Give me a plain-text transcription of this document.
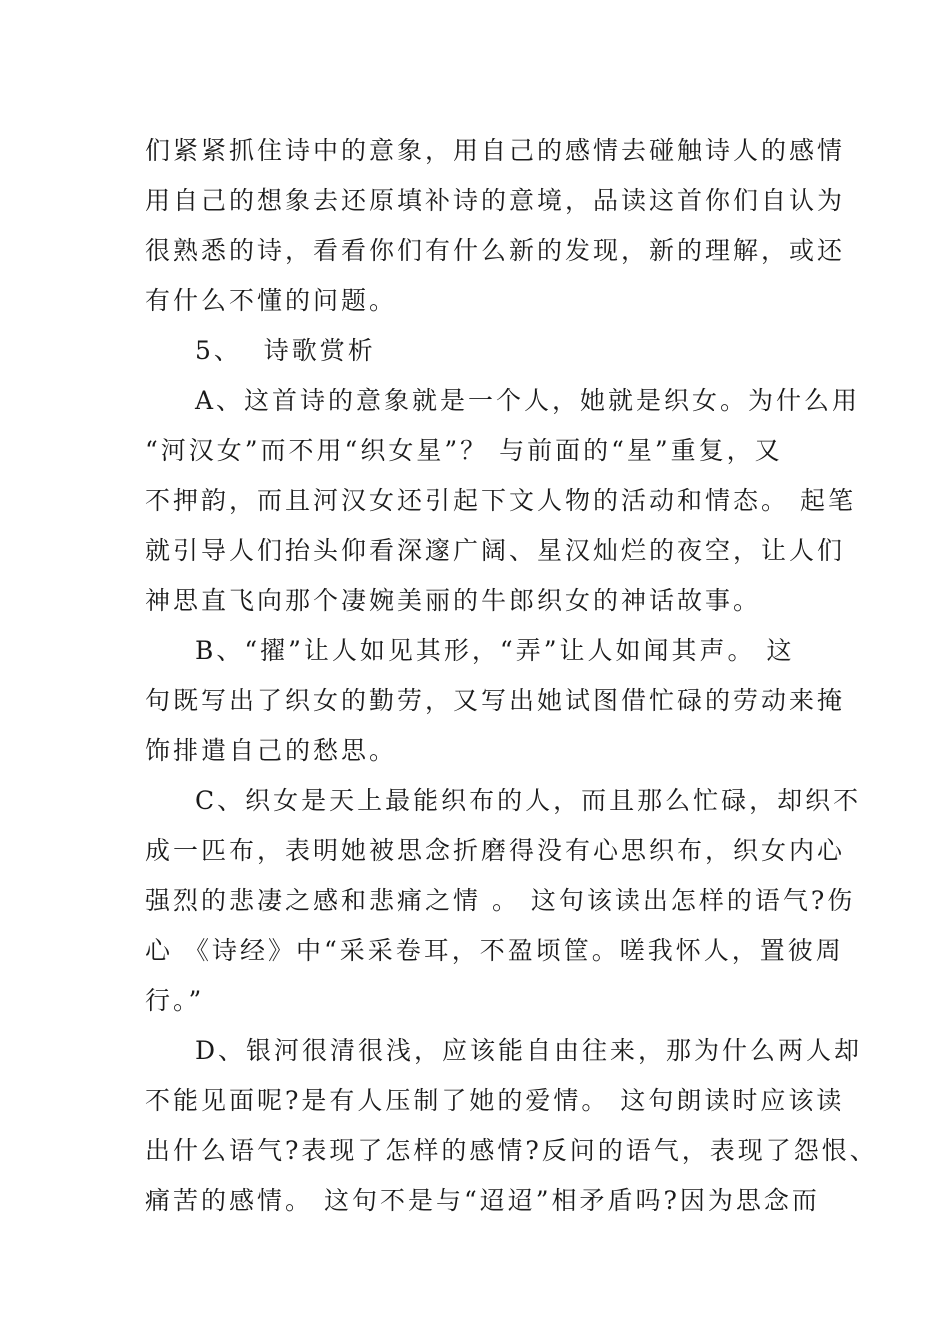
们紧紧抓住诗中的意象，用自己的感情去碰触诗人的感情
用自己的想象去还原填补诗的意境，品读这首你们自认为
很熟悉的诗，看看你们有什么新的发现，新的理解，或还
有什么不懂的问题。
5、  诗歌赏析
A、这首诗的意象就是一个人，她就是织女。为什么用
“河汉女”而不用“织女星”？ 与前面的“星”重复，又
不押韵，而且河汉女还引起下文人物的活动和情态。 起笔
就引导人们抬头仰看深邃广阔、星汉灿烂的夜空，让人们
神思直飞向那个凄婉美丽的牛郎织女的神话故事。
B、“擢”让人如见其形，“弄”让人如闻其声。 这
句既写出了织女的勤劳，又写出她试图借忙碌的劳动来掩
饰排遣自己的愁思。
C、织女是天上最能织布的人，而且那么忙碌，却织不
成一匹布，表明她被思念折磨得没有心思织布，织女内心
强烈的悲凄之感和悲痛之情 。 这句该读出怎样的语气?伤
心 《诗经》中“采采卷耳，不盈顷筐。嗟我怀人，置彼周
行。”
D、银河很清很浅，应该能自由往来，那为什么两人却
不能见面呢?是有人压制了她的爱情。 这句朗读时应该读
出什么语气?表现了怎样的感情?反问的语气，表现了怨恨、
痛苦的感情。 这句不是与“迢迢”相矛盾吗?因为思念而
